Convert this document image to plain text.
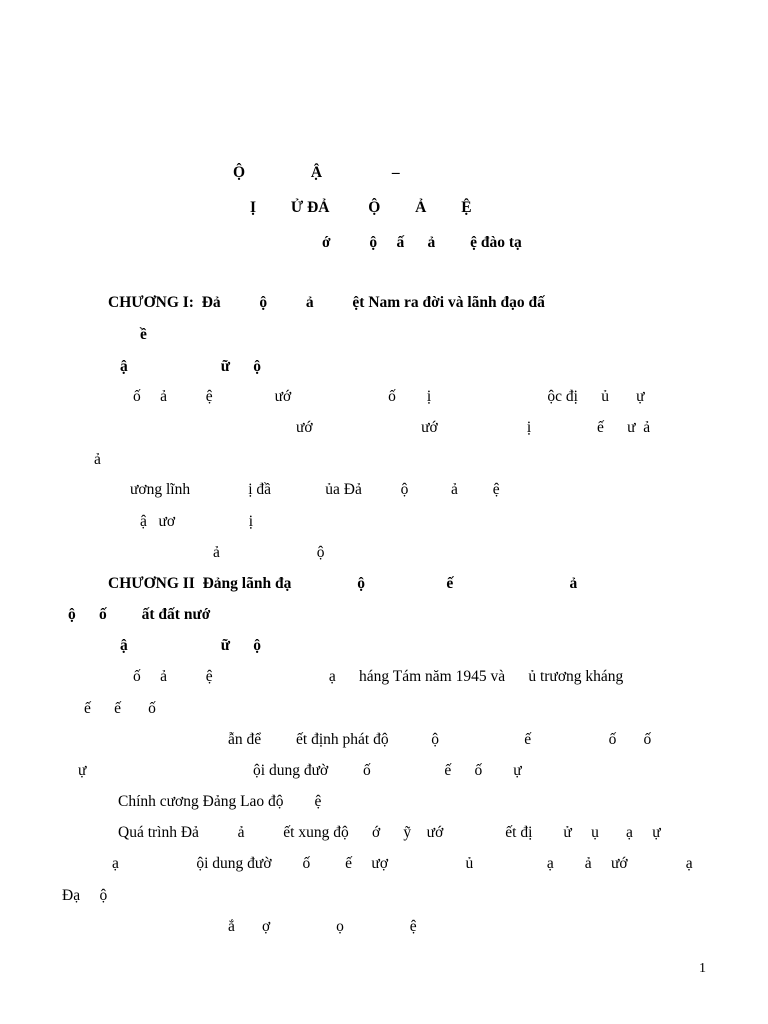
Ộ                 Ậ                  –
Ị         Ử ĐẢ          Ộ         Ả         Ệ
ớ          ộ     ấ      ả         ệ đào tạ
CHƯƠNG I:  Đả          ộ          ả          ệt Nam ra đời và lãnh đạo đấ
ề
ậ                        ữ      ộ
ố     ả          ệ                ướ                         ố        ị                              ộc đị      ủ       ự
ướ                            ướ                       ị                 ế      ư  ả
ả
ương lĩnh               ị đầ              ủa Đả          ộ           ả         ệ
ậ   ươ                   ị
ả                         ộ
CHƯƠNG II  Đảng lãnh đạ                 ộ                     ế                              ả
ộ      ố         ất đất nướ
ậ                        ữ      ộ
ố     ả          ệ                              ạ      háng Tám năm 1945 và      ủ trương kháng
ế      ế       ố
ẫn để         ết định phát độ           ộ                      ế                    ố       ố
ự                                           ội dung đườ         ố                   ế      ố        ự
Chính cương Đảng Lao độ        ệ
Quá trình Đả          ả          ết xung độ      ớ      ỹ    ướ                ết đị        ử     ụ       ạ     ự
ạ                    ội dung đườ        ố         ế     ượ                    ủ                   ạ        ả     ướ               ạ
Đạ     ộ
ắ       ợ                 ọ                 ệ
1
